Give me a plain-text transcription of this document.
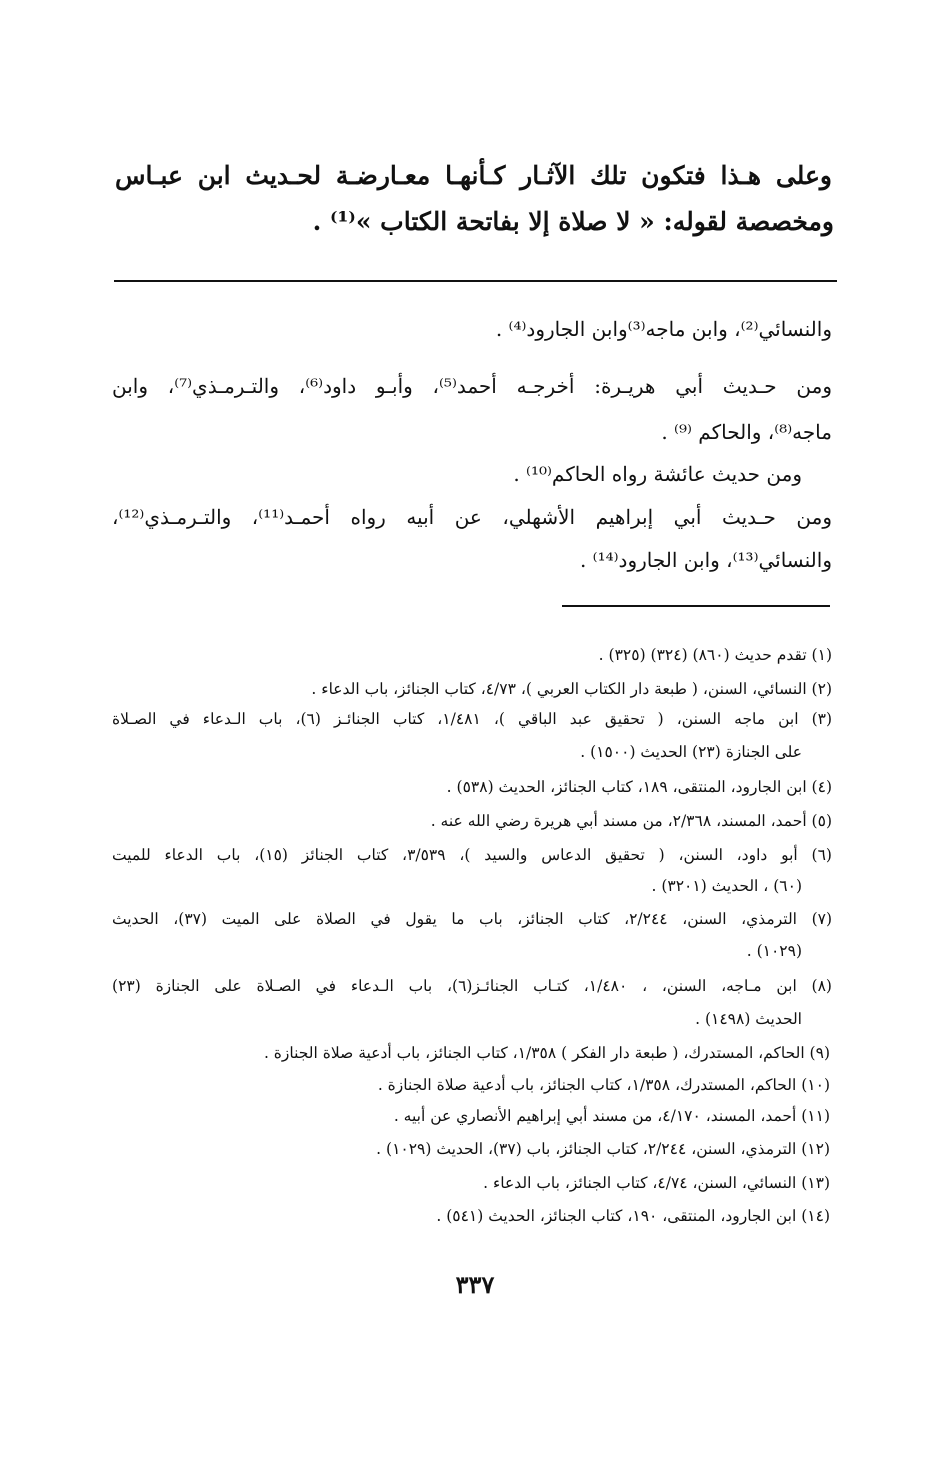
وعلى هـذا فتكون تلك الآثـار كـأنهـا معـارضـة لحـديث ابن عبـاس
ومخصصة لقوله: « لا صلاة إلا بفاتحة الكتاب »⁽¹⁾ .
والنسائي⁽²⁾، وابن ماجه⁽³⁾وابن الجارود⁽⁴⁾ .
ومن حـديث أبي هريـرة: أخرجـه أحمد⁽⁵⁾، وأبـو داود⁽⁶⁾، والتـرمـذي⁽⁷⁾، وابن
ماجه⁽⁸⁾، والحاكم ⁽⁹⁾ .
ومن حديث عائشة رواه الحاكم⁽¹⁰⁾ .
ومن حـديث أبي إبراهيم الأشهلي، عن أبيه رواه أحمـد⁽¹¹⁾، والتـرمـذي⁽¹²⁾،
والنسائي⁽¹³⁾، وابن الجارود⁽¹⁴⁾ .
(١) تقدم حديث (٨٦٠) (٣٢٤) (٣٢٥) .
(٢) النسائي، السنن، ( طبعة دار الكتاب العربي )، ٤/٧٣، كتاب الجنائز، باب الدعاء .
(٣) ابن ماجه السنن، ( تحقيق عبد الباقي )، ١/٤٨١، كتاب الجنائـز (٦)، باب الـدعاء في الصـلاة
على الجنازة (٢٣) الحديث (١٥٠٠) .
(٤) ابن الجارود، المنتقى، ١٨٩، كتاب الجنائز، الحديث (٥٣٨) .
(٥) أحمد، المسند، ٢/٣٦٨، من مسند أبي هريرة رضي الله عنه .
(٦) أبو داود، السنن، ( تحقيق الدعاس والسيد )، ٣/٥٣٩، كتاب الجنائز (١٥)، باب الدعاء للميت
(٦٠) ، الحديث (٣٢٠١) .
(٧) الترمذي، السنن، ٢/٢٤٤، كتاب الجنائز، باب ما يقول في الصلاة على الميت (٣٧)، الحديث
(١٠٢٩) .
(٨) ابن مـاجه، السنن، ، ١/٤٨٠، كتـاب الجنائـز(٦)، باب الـدعاء في الصـلاة على الجنازة (٢٣)
الحديث (١٤٩٨) .
(٩) الحاكم، المستدرك، ( طبعة دار الفكر ) ١/٣٥٨، كتاب الجنائز، باب أدعية صلاة الجنازة .
(١٠) الحاكم، المستدرك، ١/٣٥٨، كتاب الجنائز، باب أدعية صلاة الجنازة .
(١١) أحمد، المسند، ٤/١٧٠، من مسند أبي إبراهيم الأنصاري عن أبيه .
(١٢) الترمذي، السنن، ٢/٢٤٤، كتاب الجنائز، باب (٣٧)، الحديث (١٠٢٩) .
(١٣) النسائي، السنن، ٤/٧٤، كتاب الجنائز، باب الدعاء .
(١٤) ابن الجارود، المنتقى، ١٩٠، كتاب الجنائز، الحديث (٥٤١) .
٣٣٧
